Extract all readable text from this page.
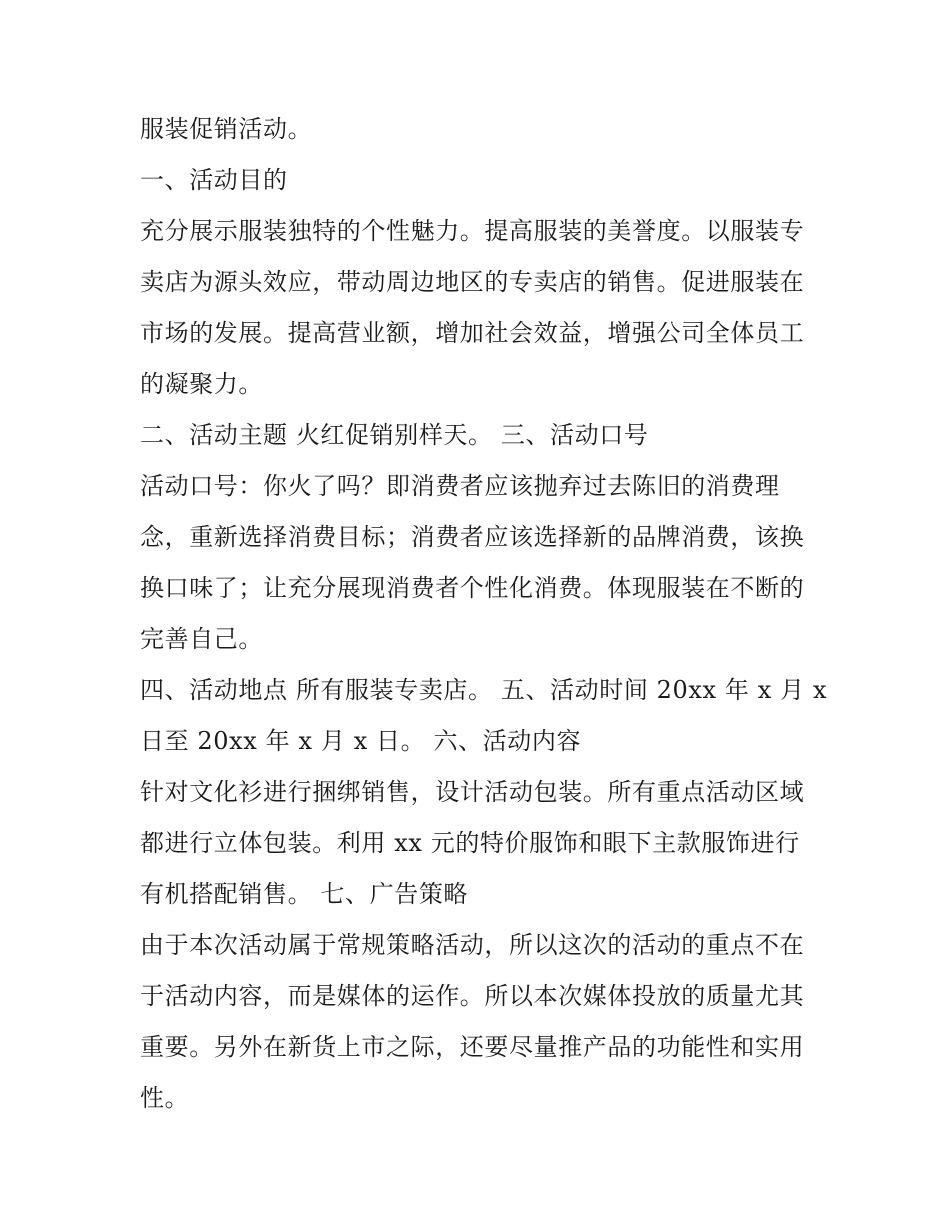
服装促销活动。
一、活动目的
充分展示服装独特的个性魅力。提高服装的美誉度。以服装专
卖店为源头效应，带动周边地区的专卖店的销售。促进服装在
市场的发展。提高营业额，增加社会效益，增强公司全体员工
的凝聚力。
二、活动主题 火红促销别样天。 三、活动口号
活动口号：你火了吗？即消费者应该抛弃过去陈旧的消费理
念，重新选择消费目标；消费者应该选择新的品牌消费，该换
换口味了；让充分展现消费者个性化消费。体现服装在不断的
完善自己。
四、活动地点 所有服装专卖店。 五、活动时间 20xx 年 x 月 x
日至 20xx 年 x 月 x 日。 六、活动内容
针对文化衫进行捆绑销售，设计活动包装。所有重点活动区域
都进行立体包装。利用 xx 元的特价服饰和眼下主款服饰进行
有机搭配销售。 七、广告策略
由于本次活动属于常规策略活动，所以这次的活动的重点不在
于活动内容，而是媒体的运作。所以本次媒体投放的质量尤其
重要。另外在新货上市之际，还要尽量推产品的功能性和实用
性。
